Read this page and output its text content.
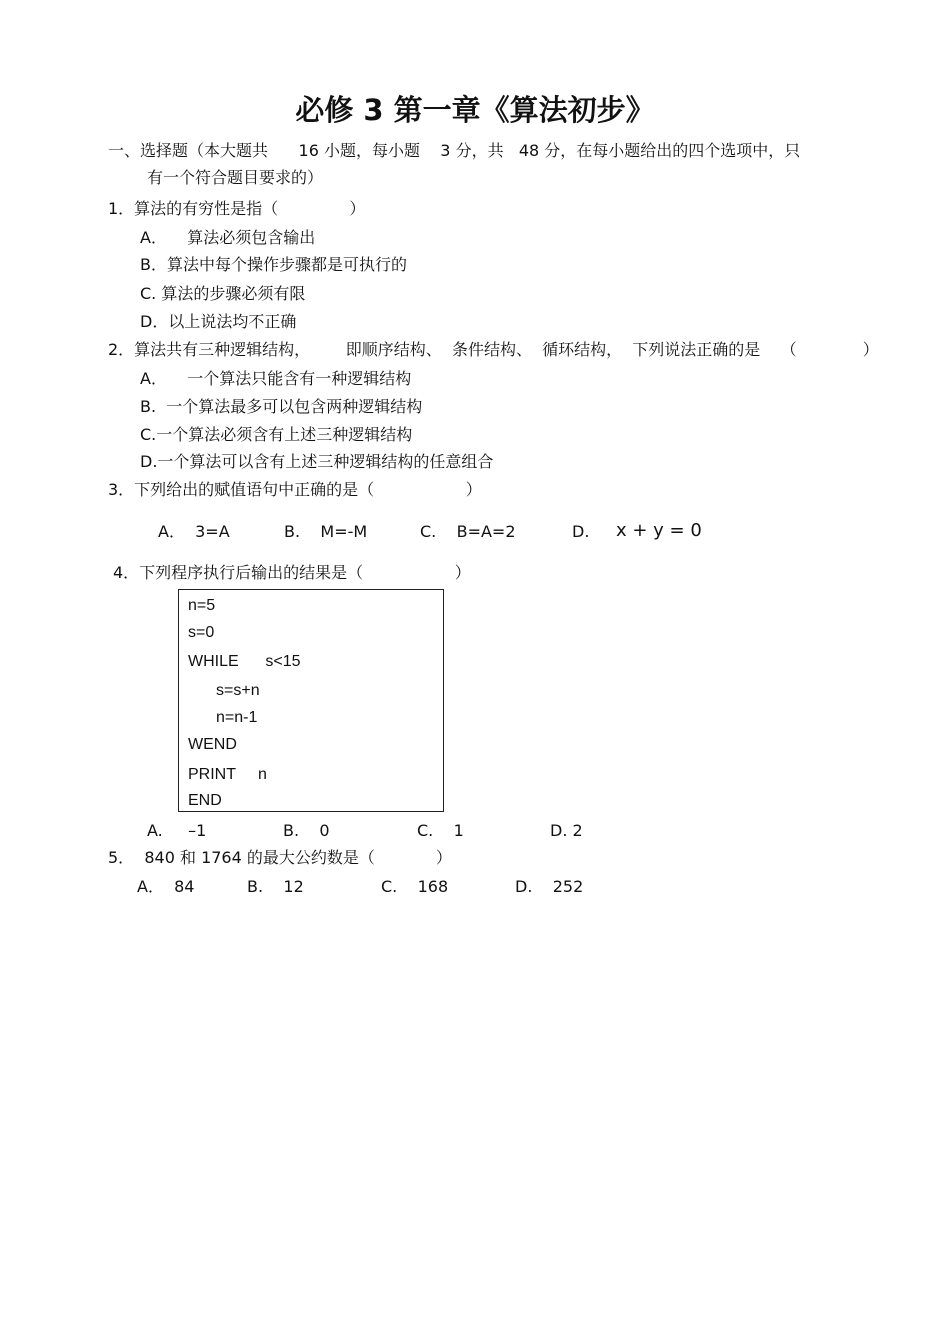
必修 3 第一章《算法初步》
一、选择题（本大题共      16 小题，每小题    3 分，共   48 分，在每小题给出的四个选项中，只
有一个符合题目要求的）
1．算法的有穷性是指（              ）
A．    算法必须包含输出
B．算法中每个操作步骤都是可执行的
C. 算法的步骤必须有限
D．以上说法均不正确
2．算法共有三种逻辑结构，       即顺序结构、  条件结构、  循环结构，  下列说法正确的是    （             ）
A．    一个算法只能含有一种逻辑结构
B.  一个算法最多可以包含两种逻辑结构
C.一个算法必须含有上述三种逻辑结构
D.一个算法可以含有上述三种逻辑结构的任意组合
3．下列给出的赋值语句中正确的是（                  ）
A．  3=A	B.    M=-M	C.    B=A=2	D. x + y = 0
4．下列程序执行后输出的结果是（                  ）
n=5
s=0
WHILE      s<15
s=s+n
n=n-1
WEND
PRINT     n
END
A.     –1	B.    0	C.    1	D. 2
5．  840 和 1764 的最大公约数是（            ）
A．  84	B.    12	C.    168	D.    252
